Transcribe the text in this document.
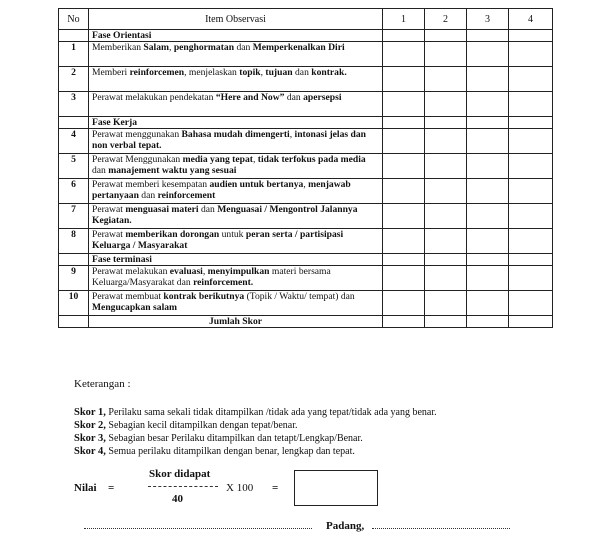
No	Item Observasi	1	2	3	4
	Fase Orientasi				
1	Memberikan Salam, penghormatan dan Memperkenalkan Diri				
2	Memberi reinforcemen, menjelaskan topik, tujuan dan kontrak.				
3	Perawat melakukan pendekatan “Here and Now” dan apersepsi				
	Fase Kerja				
4	Perawat menggunakan Bahasa mudah dimengerti, intonasi jelas dan non verbal tepat.				
5	Perawat Menggunakan media yang tepat, tidak terfokus pada media dan manajement waktu yang sesuai				
6	Perawat memberi kesempatan audien untuk bertanya, menjawab pertanyaan dan reinforcement				
7	Perawat menguasai materi dan Menguasai / Mengontrol Jalannya Kegiatan.				
8	Perawat memberikan dorongan untuk peran serta / partisipasi Keluarga / Masyarakat				
	Fase terminasi				
9	Perawat melakukan evaluasi, menyimpulkan materi bersama Keluarga/Masyarakat dan reinforcement.				
10	Perawat membuat kontrak berikutnya (Topik / Waktu/ tempat) dan Mengucapkan salam				
	Jumlah Skor				
Keterangan :
Skor 1, Perilaku sama sekali tidak ditampilkan /tidak ada yang tepat/tidak ada yang benar.
Skor 2, Sebagian kecil ditampilkan dengan tepat/benar.
Skor 3, Sebagian besar Perilaku ditampilkan dan tetapt/Lengkap/Benar.
Skor 4, Semua perilaku ditampilkan dengan benar, lengkap dan tepat.
Nilai =
Skor didapat
40
X 100 =
Padang,
